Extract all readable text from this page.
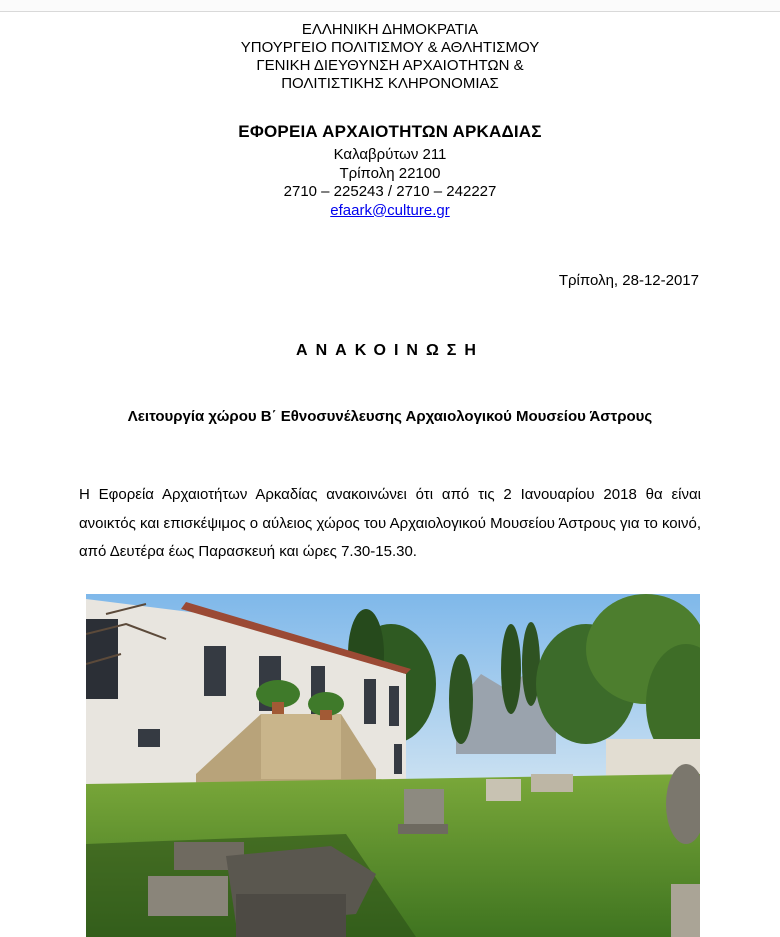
ΕΛΛΗΝΙΚΗ ΔΗΜΟΚΡΑΤΙΑ
ΥΠΟΥΡΓΕΙΟ ΠΟΛΙΤΙΣΜΟΥ & ΑΘΛΗΤΙΣΜΟΥ
ΓΕΝΙΚΗ ΔΙΕΥΘΥΝΣΗ ΑΡΧΑΙΟΤΗΤΩΝ &
ΠΟΛΙΤΙΣΤΙΚΗΣ ΚΛΗΡΟΝΟΜΙΑΣ
ΕΦΟΡΕΙΑ ΑΡΧΑΙΟΤΗΤΩΝ ΑΡΚΑΔΙΑΣ
Καλαβρύτων 211
Τρίπολη 22100
2710 – 225243 / 2710 – 242227
efaark@culture.gr
Τρίπολη, 28-12-2017
ΑΝΑΚΟΙΝΩΣΗ
Λειτουργία χώρου Β΄ Εθνοσυνέλευσης Αρχαιολογικού Μουσείου Άστρους
Η Εφορεία Αρχαιοτήτων Αρκαδίας ανακοινώνει ότι από τις 2 Ιανουαρίου 2018 θα είναι ανοικτός και επισκέψιμος ο αύλειος χώρος του Αρχαιολογικού Μουσείου Άστρους για το κοινό, από Δευτέρα έως Παρασκευή και ώρες 7.30-15.30.
